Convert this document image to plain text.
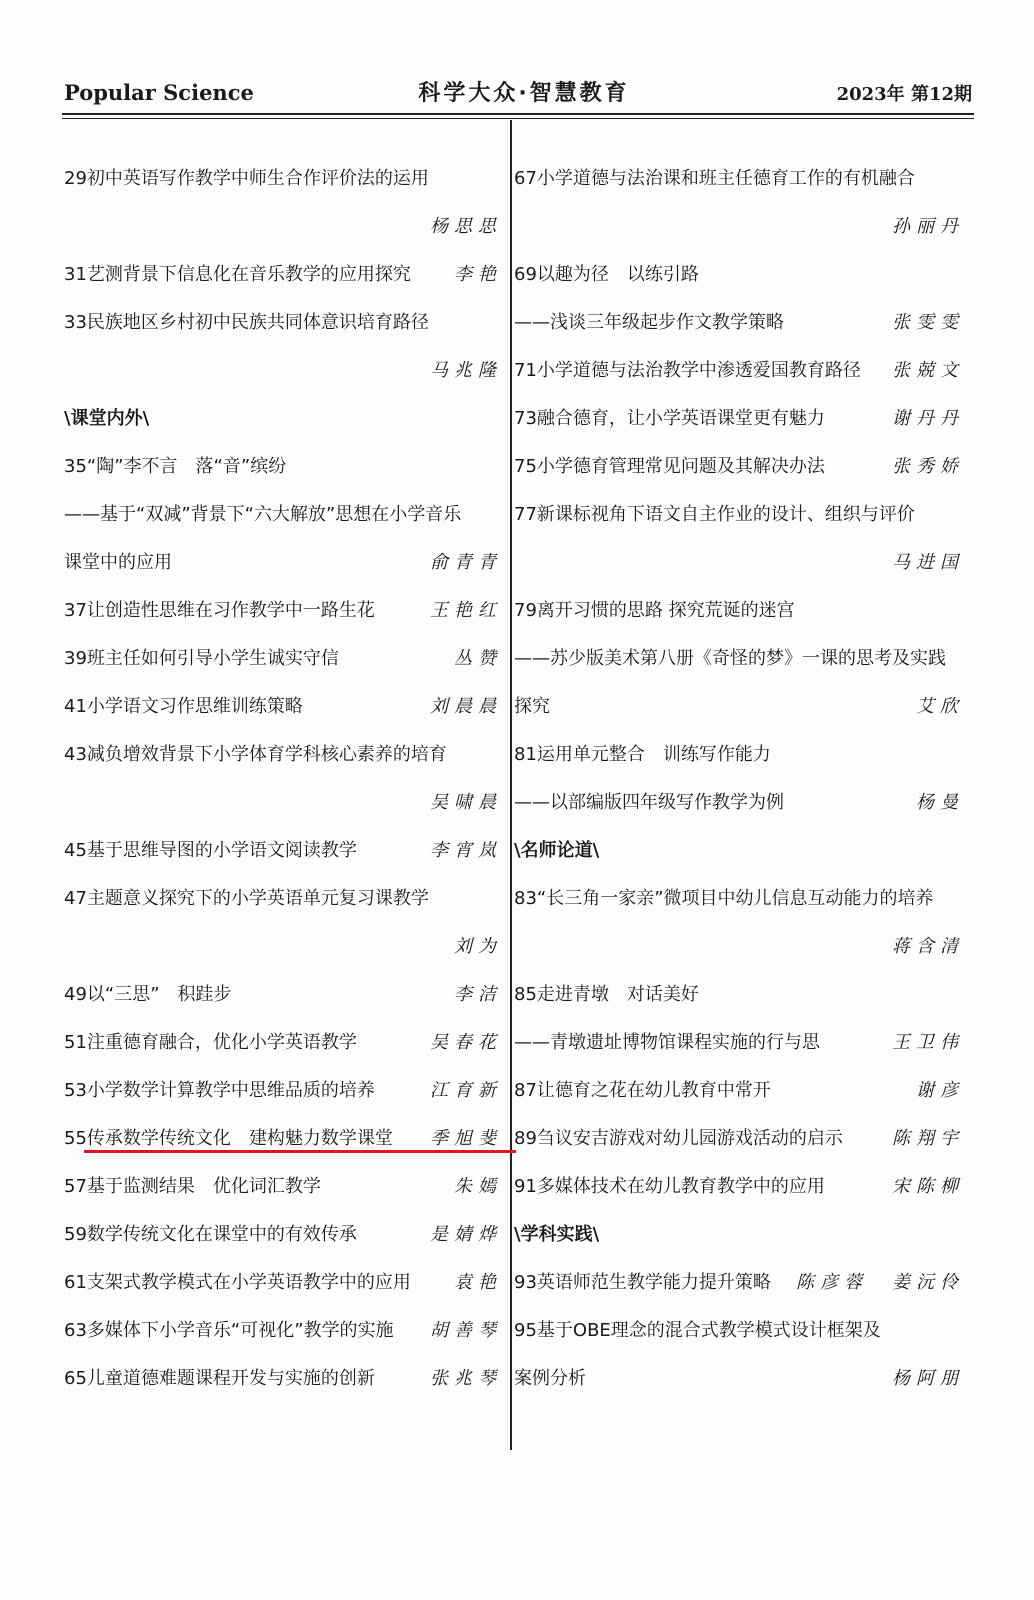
Popular Science	科学大众·智慧教育	2023年 第12期
29初中英语写作教学中师生合作评价法的运用
杨思思
31艺测背景下信息化在音乐教学的应用探究 李艳
33民族地区乡村初中民族共同体意识培育路径
马兆隆
\课堂内外\
35“陶”李不言　落“音”缤纷
——基于“双减”背景下“六大解放”思想在小学音乐
课堂中的应用	俞青青
37让创造性思维在习作教学中一路生花	王艳红
39班主任如何引导小学生诚实守信	丛赞
41小学语文习作思维训练策略	刘晨晨
43减负增效背景下小学体育学科核心素养的培育
吴啸晨
45基于思维导图的小学语文阅读教学	李宵岚
47主题意义探究下的小学英语单元复习课教学
刘为
49以“三思”　积跬步	李洁
51注重德育融合，优化小学英语教学	吴春花
53小学数学计算教学中思维品质的培养	江育新
55传承数学传统文化　建构魅力数学课堂 季旭斐
57基于监测结果　优化词汇教学	朱嫣
59数学传统文化在课堂中的有效传承	是婧烨
61支架式教学模式在小学英语教学中的应用 袁艳
63多媒体下小学音乐“可视化”教学的实施 胡善琴
65儿童道德难题课程开发与实施的创新	张兆琴
67小学道德与法治课和班主任德育工作的有机融合
孙丽丹
69以趣为径　以练引路
——浅谈三年级起步作文教学策略	张雯雯
71小学道德与法治教学中渗透爱国教育路径 张兢文
73融合德育，让小学英语课堂更有魅力	谢丹丹
75小学德育管理常见问题及其解决办法	张秀娇
77新课标视角下语文自主作业的设计、组织与评价
马进国
79离开习惯的思路 探究荒诞的迷宫
——苏少版美术第八册《奇怪的梦》一课的思考及实践
探究	艾欣
81运用单元整合　训练写作能力
——以部编版四年级写作教学为例	杨曼
\名师论道\
83“长三角一家亲”微项目中幼儿信息互动能力的培养
蒋含清
85走进青墩　对话美好
——青墩遗址博物馆课程实施的行与思	王卫伟
87让德育之花在幼儿教育中常开	谢彦
89刍议安吉游戏对幼儿园游戏活动的启示	陈翔宇
91多媒体技术在幼儿教育教学中的应用	宋陈柳
\学科实践\
93英语师范生教学能力提升策略 陈彦蓉　姜沅伶
95基于OBE理念的混合式教学模式设计框架及
案例分析	杨阿朋
